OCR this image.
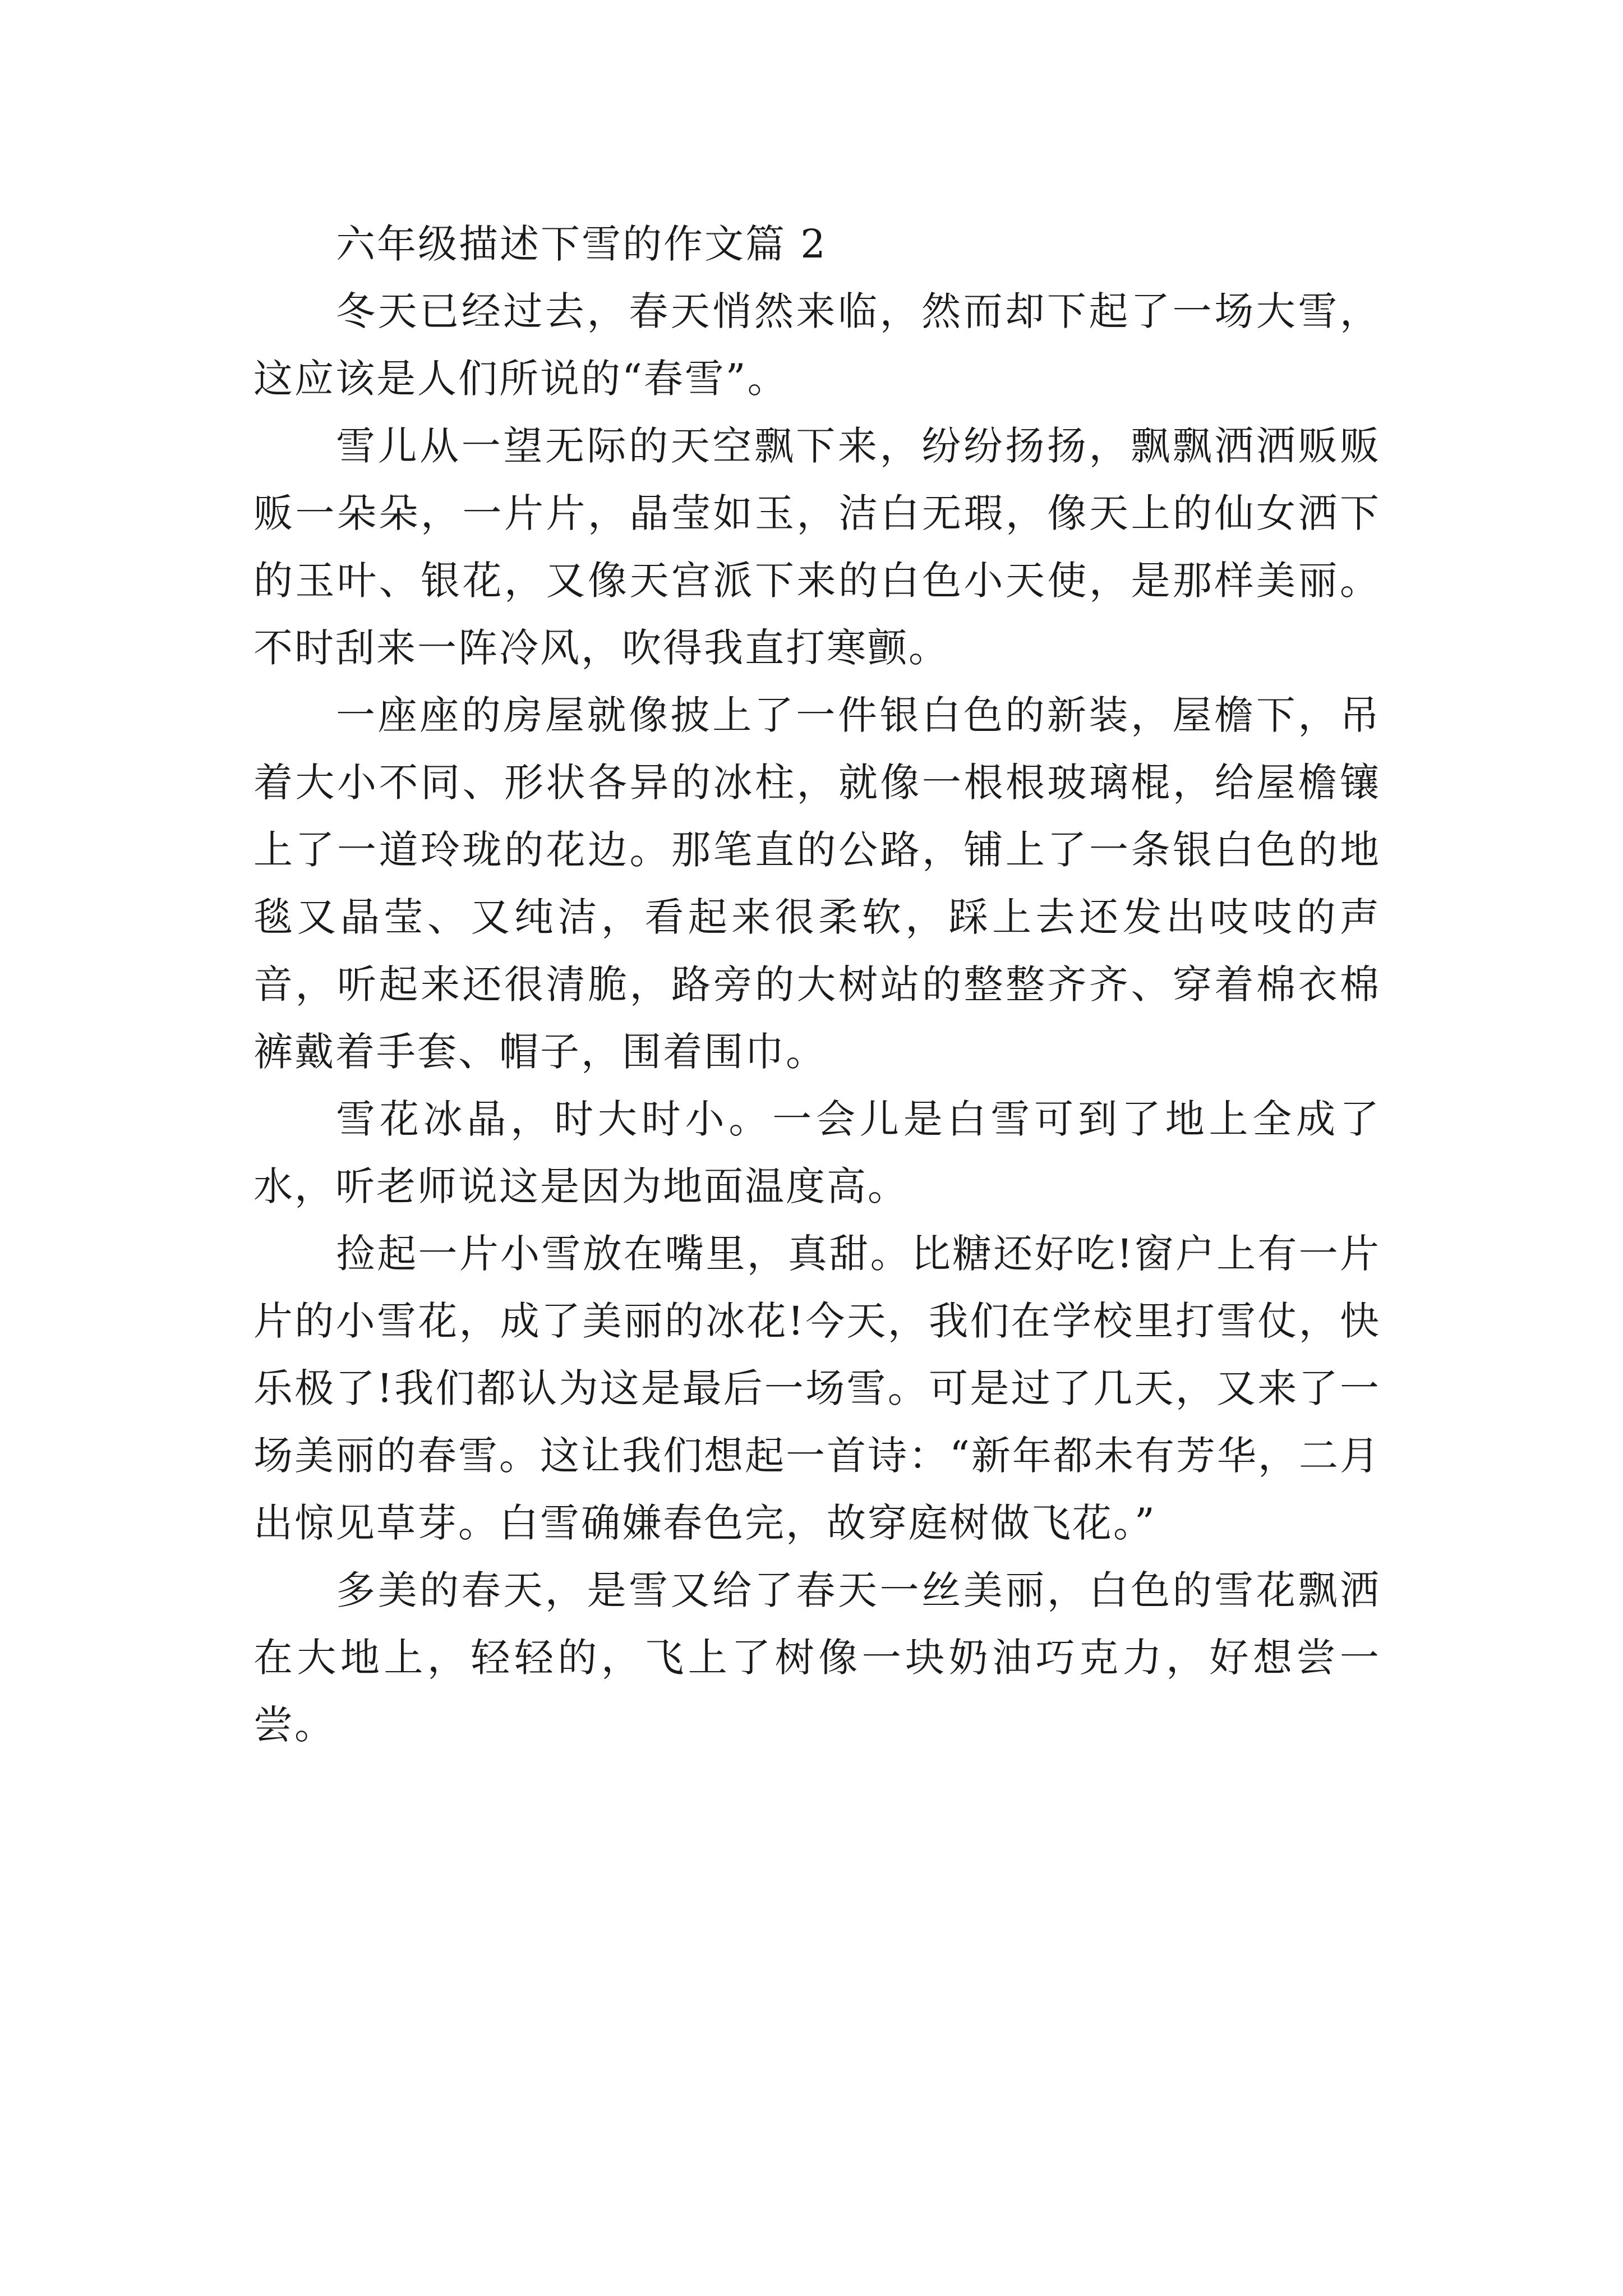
六年级描述下雪的作文篇 2

冬天已经过去，春天悄然来临，然而却下起了一场大雪，这应该是人们所说的“春雪”。

雪儿从一望无际的天空飘下来，纷纷扬扬，飘飘洒洒贩贩贩一朵朵，一片片，晶莹如玉，洁白无瑕，像天上的仙女洒下的玉叶、银花，又像天宫派下来的白色小天使，是那样美丽。不时刮来一阵冷风，吹得我直打寒颤。

一座座的房屋就像披上了一件银白色的新装，屋檐下，吊着大小不同、形状各异的冰柱，就像一根根玻璃棍，给屋檐镶上了一道玲珑的花边。那笔直的公路，铺上了一条银白色的地毯又晶莹、又纯洁，看起来很柔软，踩上去还发出吱吱的声音，听起来还很清脆，路旁的大树站的整整齐齐、穿着棉衣棉裤戴着手套、帽子，围着围巾。

雪花冰晶，时大时小。一会儿是白雪可到了地上全成了水，听老师说这是因为地面温度高。

捡起一片小雪放在嘴里，真甜。比糖还好吃!窗户上有一片片的小雪花，成了美丽的冰花!今天，我们在学校里打雪仗，快乐极了!我们都认为这是最后一场雪。可是过了几天，又来了一场美丽的春雪。这让我们想起一首诗：“新年都未有芳华，二月出惊见草芽。白雪确嫌春色完，故穿庭树做飞花。”

多美的春天，是雪又给了春天一丝美丽，白色的雪花飘洒在大地上，轻轻的，飞上了树像一块奶油巧克力，好想尝一尝。
